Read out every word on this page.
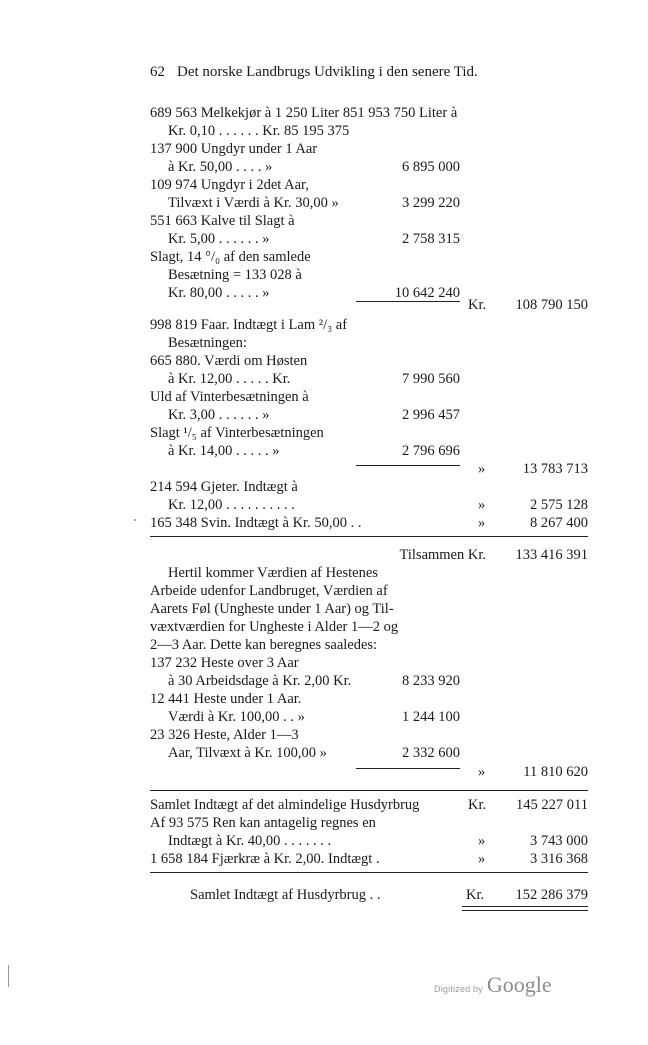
62 Det norske Landbrugs Udvikling i den senere Tid.
689 563 Melkekjør à 1 250 Liter 851 953 750 Liter à
Kr. 0,10 . . . . . . Kr. 85 195 375
137 900 Ungdyr under 1 Aar
à Kr. 50,00 . . . . »	6 895 000
109 974 Ungdyr i 2det Aar,
Tilvæxt i Værdi à Kr. 30,00 »	3 299 220
551 663 Kalve til Slagt à
Kr. 5,00 . . . . . . »	2 758 315
Slagt, 14 °/₀ af den samlede
Besætning = 133 028 à
Kr. 80,00 . . . . . »	10 642 240
Kr.	108 790 150
998 819 Faar. Indtægt i Lam ²/₃ af
Besætningen:
665 880. Værdi om Høsten
à Kr. 12,00 . . . . . Kr.	7 990 560
Uld af Vinterbesætningen à
Kr. 3,00 . . . . . . »	2 996 457
Slagt ¹/₅ af Vinterbesætningen
à Kr. 14,00 . . . . . »	2 796 696
»	13 783 713
214 594 Gjeter. Indtægt à
Kr. 12,00 . . . . . . . . . .	»	2 575 128
165 348 Svin. Indtægt à Kr. 50,00 . .	»	8 267 400
Tilsammen Kr.	133 416 391
Hertil kommer Værdien af Hestenes
Arbeide udenfor Landbruget, Værdien af
Aarets Føl (Ungheste under 1 Aar) og Til-
væxtværdien for Ungheste i Alder 1—2 og
2—3 Aar. Dette kan beregnes saaledes:
137 232 Heste over 3 Aar
à 30 Arbeidsdage à Kr. 2,00 Kr.	8 233 920
12 441 Heste under 1 Aar.
Værdi à Kr. 100,00 . . »	1 244 100
23 326 Heste, Alder 1—3
Aar, Tilvæxt à Kr. 100,00 »	2 332 600
»	11 810 620
Samlet Indtægt af det almindelige Husdyrbrug	Kr.	145 227 011
Af 93 575 Ren kan antagelig regnes en
Indtægt à Kr. 40,00 . . . . . . .	»	3 743 000
1 658 184 Fjærkræ à Kr. 2,00. Indtægt .	»	3 316 368
Samlet Indtægt af Husdyrbrug . .	Kr.	152 286 379
Digitized by Google
